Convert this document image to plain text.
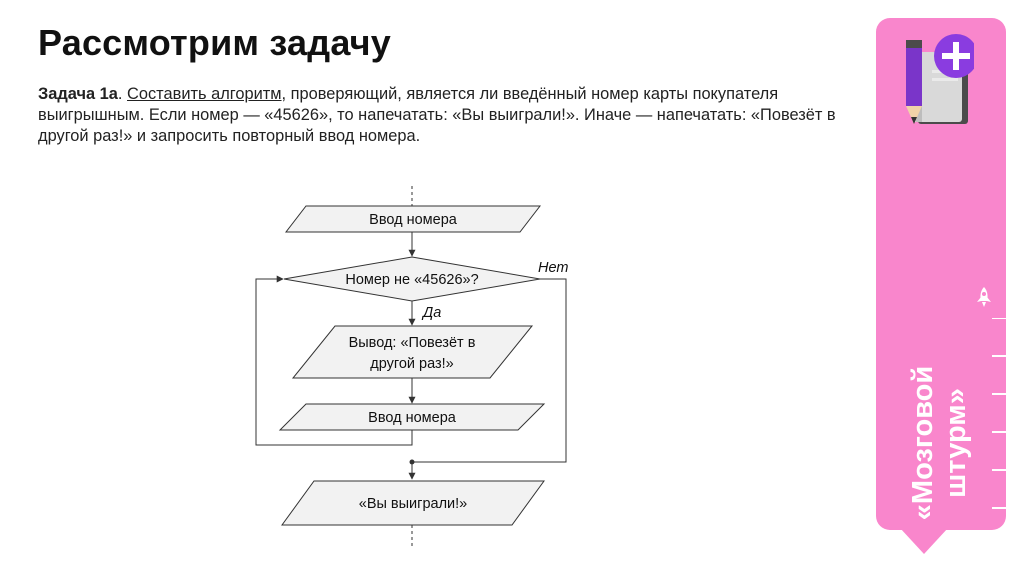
Рассмотрим задачу

Задача 1а. Составить алгоритм, проверяющий, является ли введённый номер карты покупателя выигрышным. Если номер — «45626», то напечатать: «Вы выиграли!». Иначе — напечатать: «Повезёт в другой раз!» и запросить повторный ввод номера.

Ввод номера
Номер не «45626»?
Да
Нет
Вывод: «Повезёт в
другой раз!»
Ввод номера
«Вы выиграли!»	«Мозговой штурм»
